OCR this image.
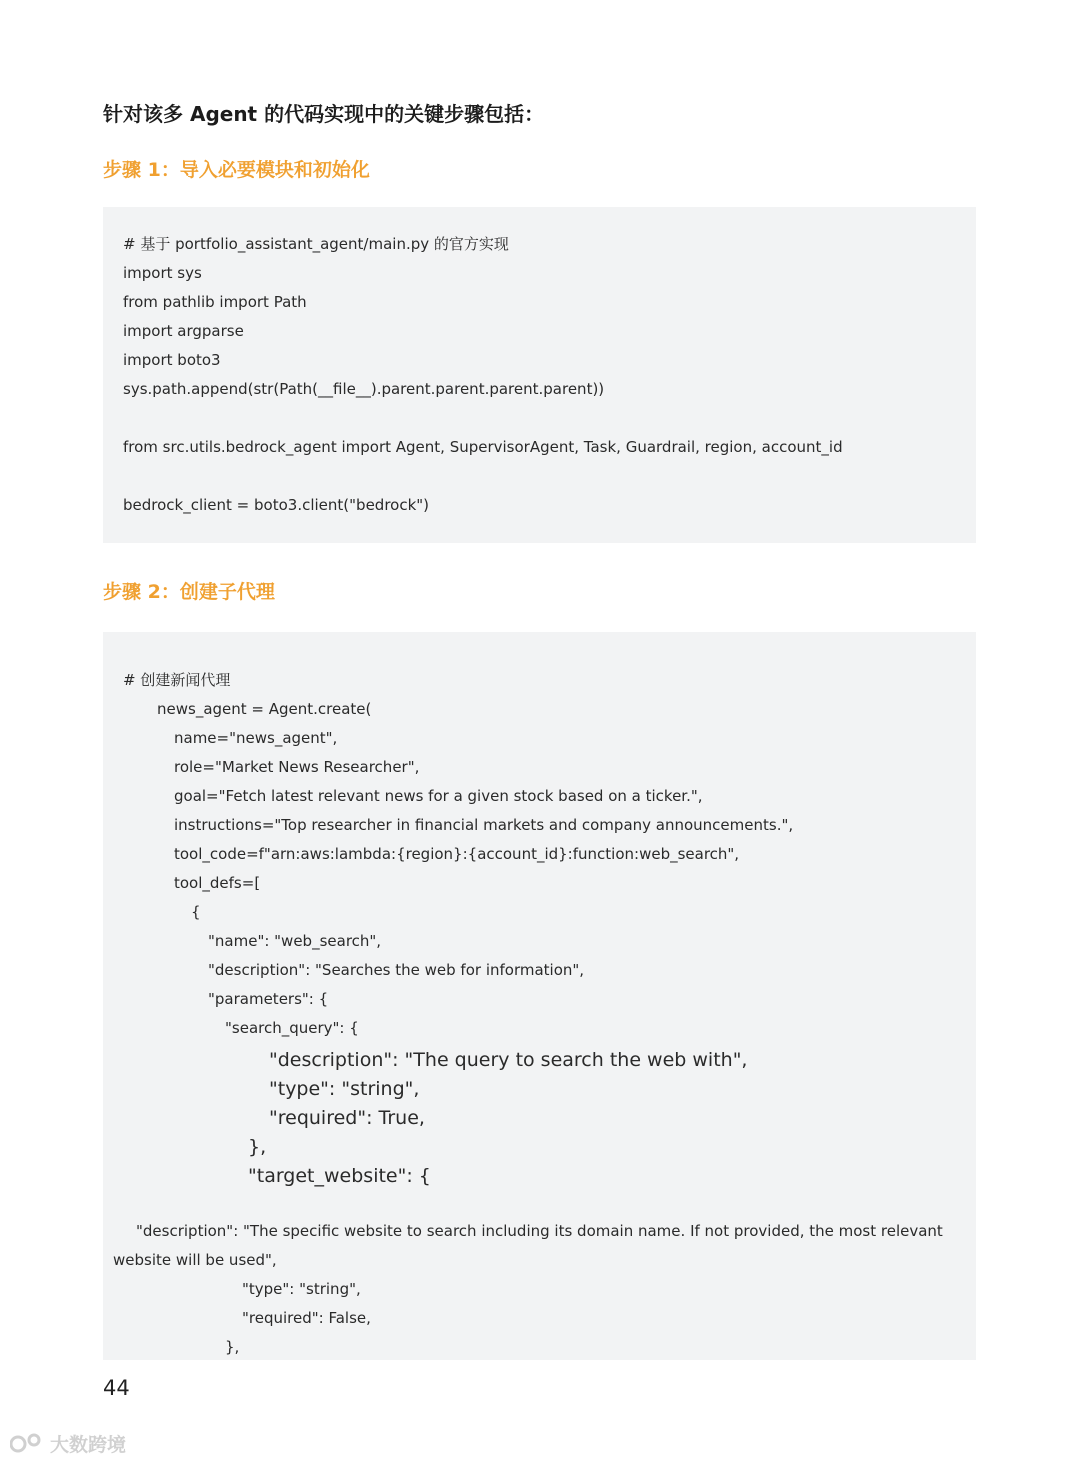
针对该多 Agent 的代码实现中的关键步骤包括：

步骤 1：导入必要模块和初始化

# 基于 portfolio_assistant_agent/main.py 的官方实现
import sys
from pathlib import Path
import argparse
import boto3
sys.path.append(str(Path(__file__).parent.parent.parent.parent))
from src.utils.bedrock_agent import Agent, SupervisorAgent, Task, Guardrail, region, account_id
bedrock_client = boto3.client("bedrock")

步骤 2：创建子代理

# 创建新闻代理
news_agent = Agent.create(
name="news_agent",
role="Market News Researcher",
goal="Fetch latest relevant news for a given stock based on a ticker.",
instructions="Top researcher in financial markets and company announcements.",
tool_code=f"arn:aws:lambda:{region}:{account_id}:function:web_search",
tool_defs=[
{
"name": "web_search",
"description": "Searches the web for information",
"parameters": {
"search_query": {
"description": "The query to search the web with",
"type": "string",
"required": True,
},
"target_website": {
"description": "The specific website to search including its domain name. If not provided, the most relevant
website will be used",
"type": "string",
"required": False,
},
44
大数跨境
